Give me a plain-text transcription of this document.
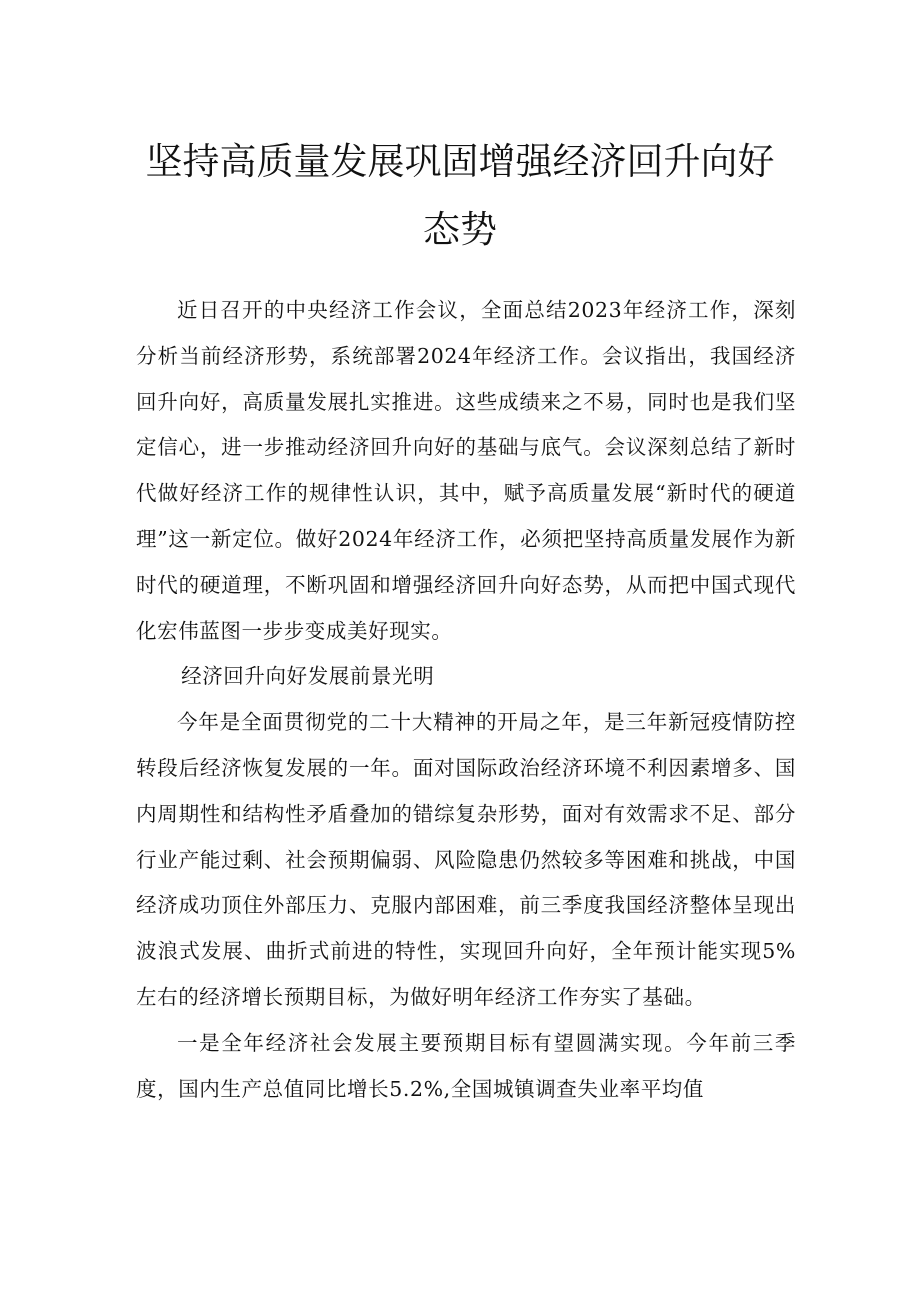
坚持高质量发展巩固增强经济回升向好态势

近日召开的中央经济工作会议，全面总结2023年经济工作，深刻分析当前经济形势，系统部署2024年经济工作。会议指出，我国经济回升向好，高质量发展扎实推进。这些成绩来之不易，同时也是我们坚定信心，进一步推动经济回升向好的基础与底气。会议深刻总结了新时代做好经济工作的规律性认识，其中，赋予高质量发展“新时代的硬道理”这一新定位。做好2024年经济工作，必须把坚持高质量发展作为新时代的硬道理，不断巩固和增强经济回升向好态势，从而把中国式现代化宏伟蓝图一步步变成美好现实。

经济回升向好发展前景光明

今年是全面贯彻党的二十大精神的开局之年，是三年新冠疫情防控转段后经济恢复发展的一年。面对国际政治经济环境不利因素增多、国内周期性和结构性矛盾叠加的错综复杂形势，面对有效需求不足、部分行业产能过剩、社会预期偏弱、风险隐患仍然较多等困难和挑战，中国经济成功顶住外部压力、克服内部困难，前三季度我国经济整体呈现出波浪式发展、曲折式前进的特性，实现回升向好，全年预计能实现5%左右的经济增长预期目标，为做好明年经济工作夯实了基础。

一是全年经济社会发展主要预期目标有望圆满实现。今年前三季度，国内生产总值同比增长5.2%,全国城镇调查失业率平均值
